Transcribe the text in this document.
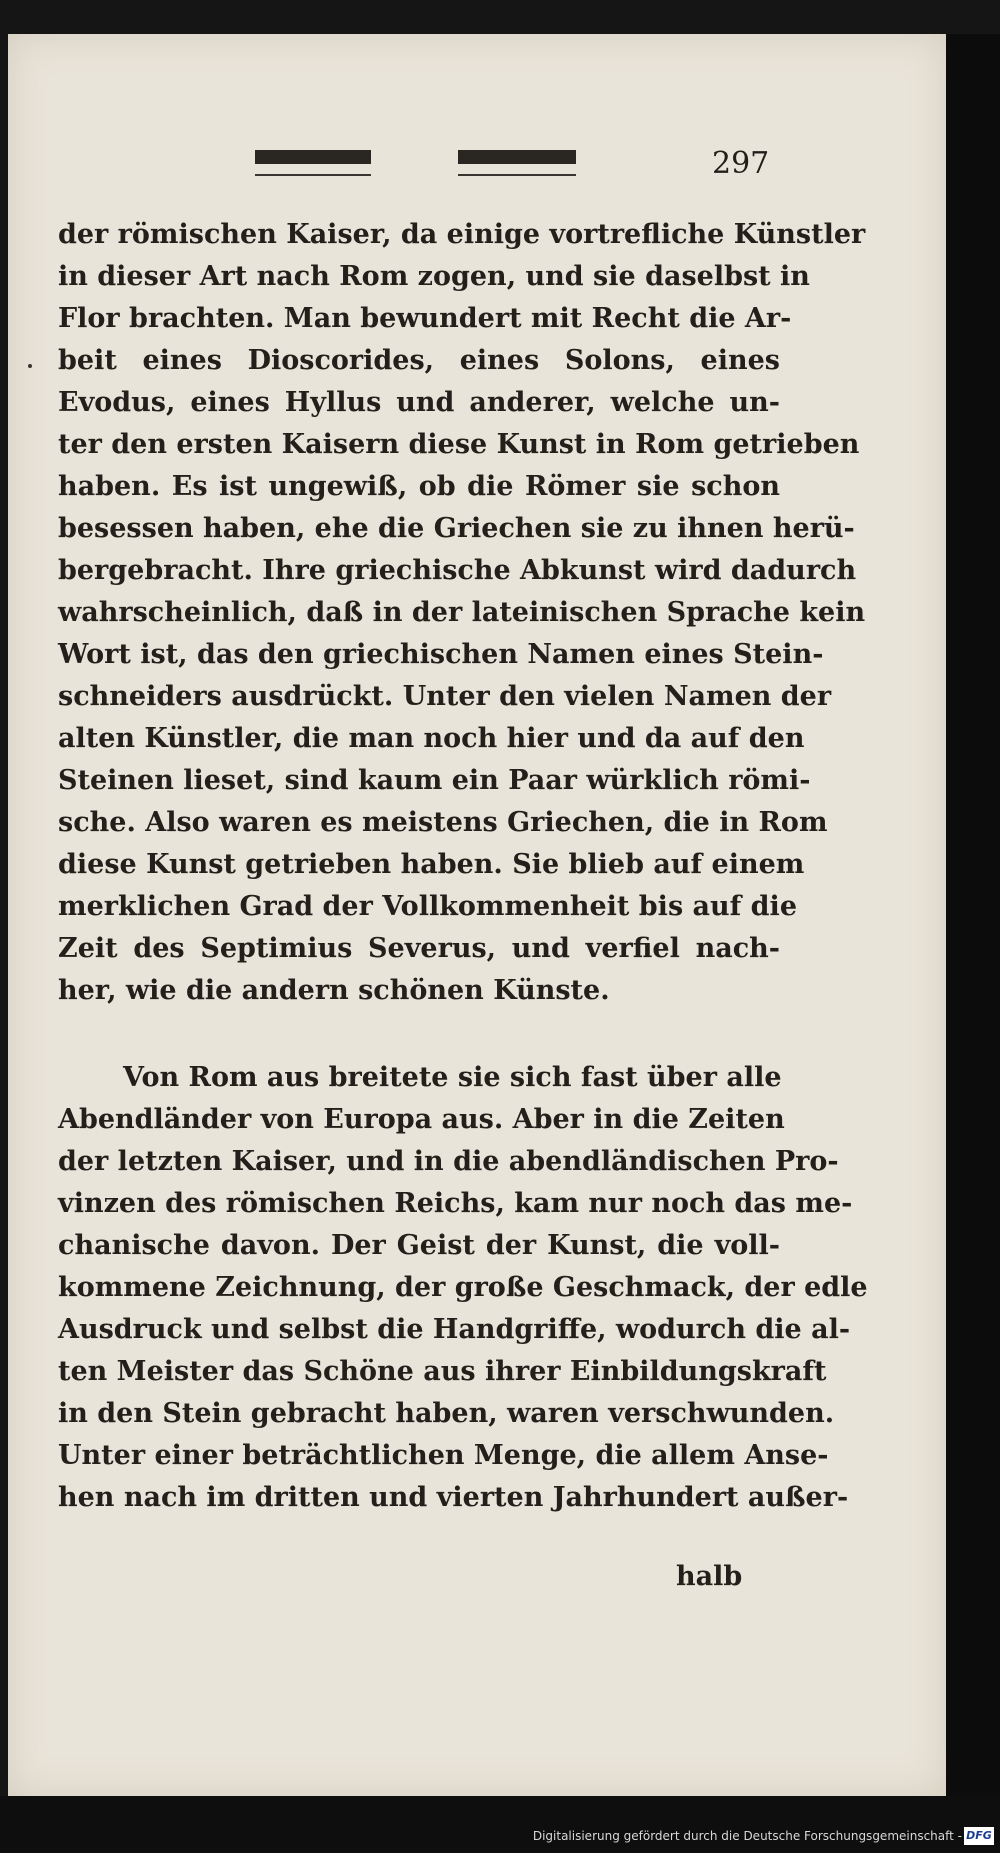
297
der römischen Kaiser, da einige vortrefliche Künstler
in dieser Art nach Rom zogen, und sie daselbst in
Flor brachten. Man bewundert mit Recht die Ar-
beit eines Dioscorides, eines Solons, eines
Evodus, eines Hyllus und anderer, welche un-
ter den ersten Kaisern diese Kunst in Rom getrieben
haben. Es ist ungewiß, ob die Römer sie schon
besessen haben, ehe die Griechen sie zu ihnen herü-
bergebracht. Ihre griechische Abkunst wird dadurch
wahrscheinlich, daß in der lateinischen Sprache kein
Wort ist, das den griechischen Namen eines Stein-
schneiders ausdrückt. Unter den vielen Namen der
alten Künstler, die man noch hier und da auf den
Steinen lieset, sind kaum ein Paar würklich römi-
sche. Also waren es meistens Griechen, die in Rom
diese Kunst getrieben haben. Sie blieb auf einem
merklichen Grad der Vollkommenheit bis auf die
Zeit des Septimius Severus, und verfiel nach-
her, wie die andern schönen Künste.
Von Rom aus breitete sie sich fast über alle
Abendländer von Europa aus. Aber in die Zeiten
der letzten Kaiser, und in die abendländischen Pro-
vinzen des römischen Reichs, kam nur noch das me-
chanische davon. Der Geist der Kunst, die voll-
kommene Zeichnung, der große Geschmack, der edle
Ausdruck und selbst die Handgriffe, wodurch die al-
ten Meister das Schöne aus ihrer Einbildungskraft
in den Stein gebracht haben, waren verschwunden.
Unter einer beträchtlichen Menge, die allem Anse-
hen nach im dritten und vierten Jahrhundert außer-
halb
Digitalisierung gefördert durch die Deutsche Forschungsgemeinschaft - DFG
